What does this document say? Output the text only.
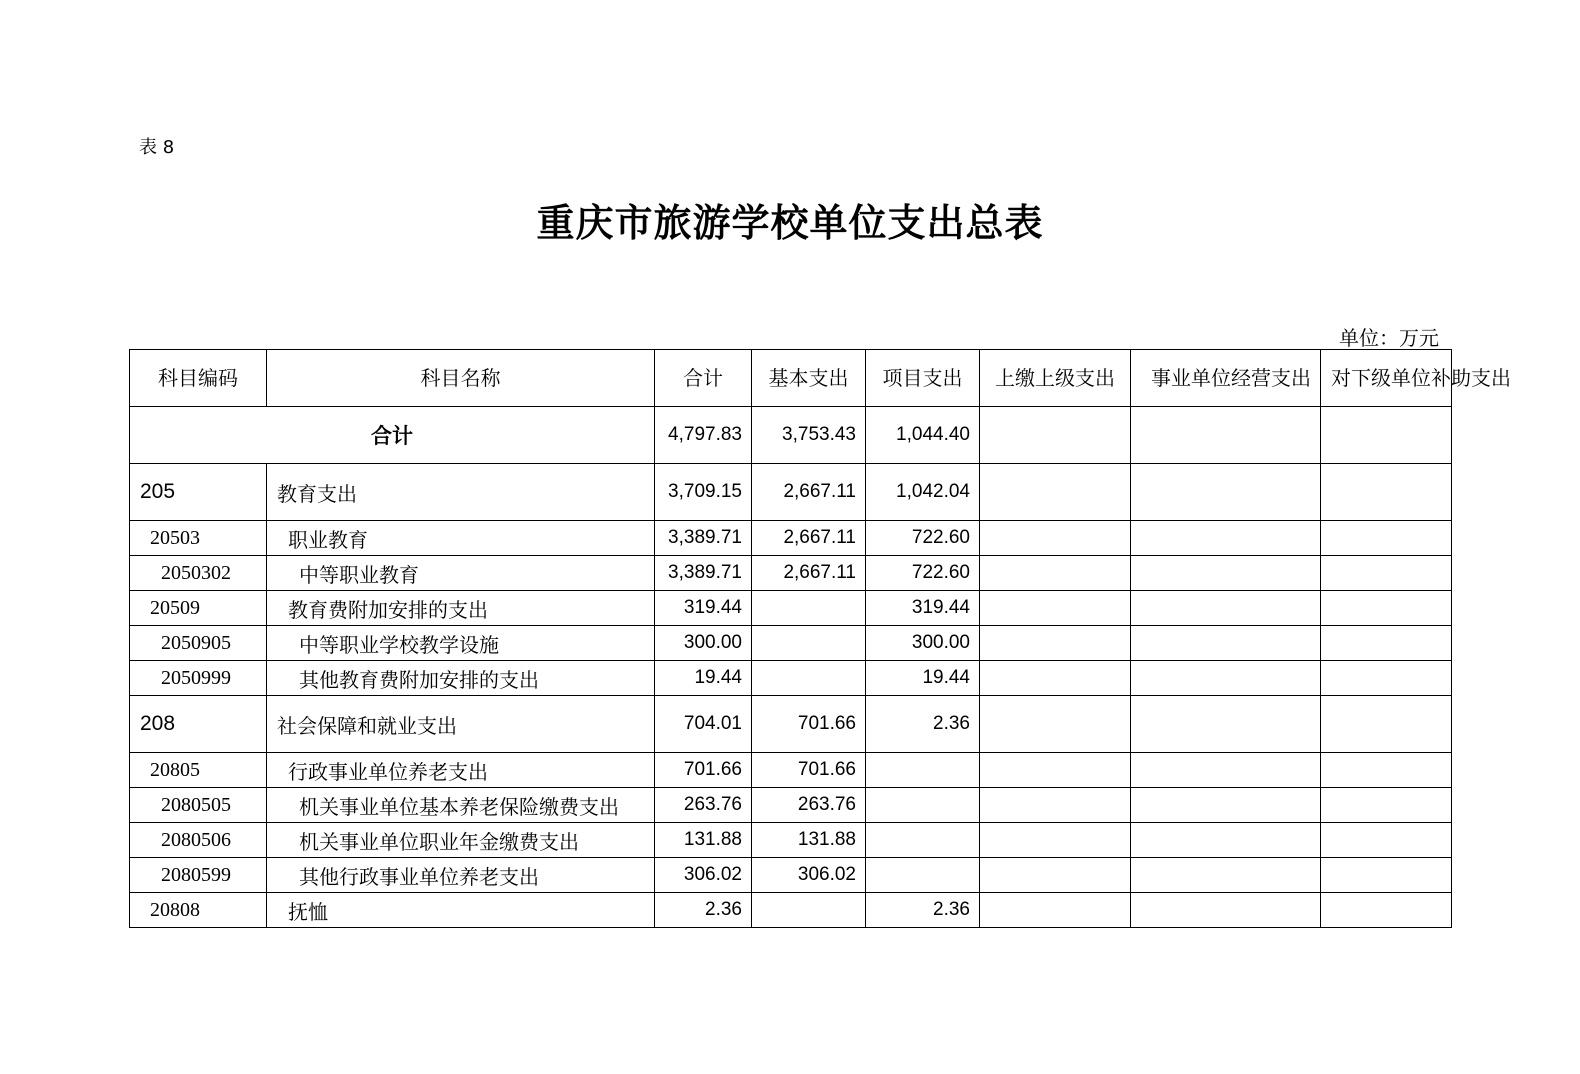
表 8
重庆市旅游学校单位支出总表
单位：万元
科目编码	科目名称	合计	基本支出	项目支出	上缴上级支出	事业单位经营支出	对下级单位补助支出
合计		4,797.83	3,753.43	1,044.40			
205	教育支出	3,709.15	2,667.11	1,042.04			
20503	职业教育	3,389.71	2,667.11	722.60			
2050302	中等职业教育	3,389.71	2,667.11	722.60			
20509	教育费附加安排的支出	319.44		319.44			
2050905	中等职业学校教学设施	300.00		300.00			
2050999	其他教育费附加安排的支出	19.44		19.44			
208	社会保障和就业支出	704.01	701.66	2.36			
20805	行政事业单位养老支出	701.66	701.66				
2080505	机关事业单位基本养老保险缴费支出	263.76	263.76				
2080506	机关事业单位职业年金缴费支出	131.88	131.88				
2080599	其他行政事业单位养老支出	306.02	306.02				
20808	抚恤	2.36		2.36			
